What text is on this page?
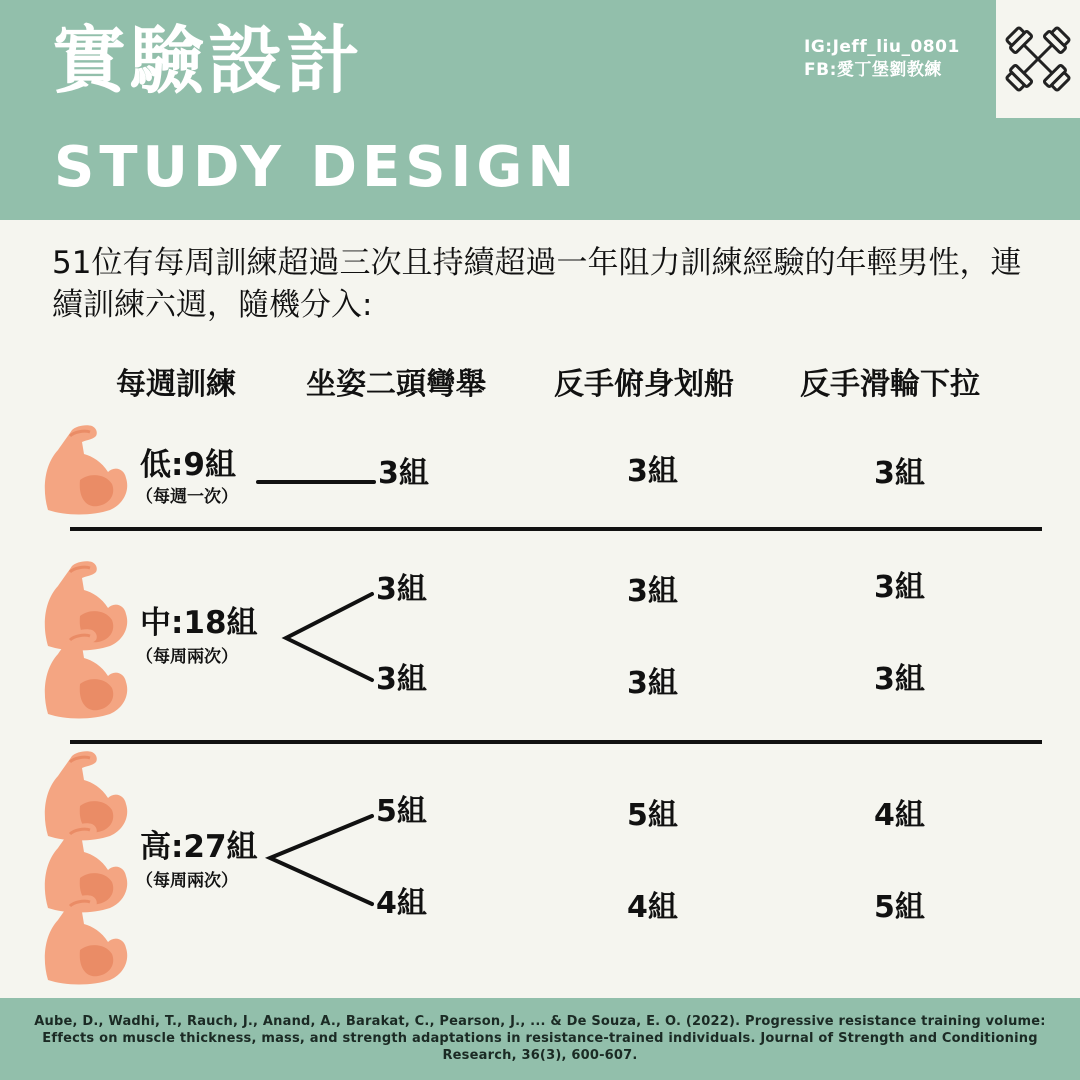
實驗設計
STUDY DESIGN
IG:Jeff_liu_0801
FB:愛丁堡劉教練
51位有每周訓練超過三次且持續超過一年阻力訓練經驗的年輕男性，連續訓練六週，隨機分入:
每週訓練 坐姿二頭彎舉 反手俯身划船 反手滑輪下拉
低:9組
（每週一次）
3組	3組	3組
中:18組
（每周兩次）
3組	3組	3組
3組	3組	3組
高:27組
（每周兩次）
5組	5組	4組
4組	4組	5組
Aube, D., Wadhi, T., Rauch, J., Anand, A., Barakat, C., Pearson, J., ... & De Souza, E. O. (2022). Progressive resistance training volume: Effects on muscle thickness, mass, and strength adaptations in resistance-trained individuals. Journal of Strength and Conditioning Research, 36(3), 600-607.
